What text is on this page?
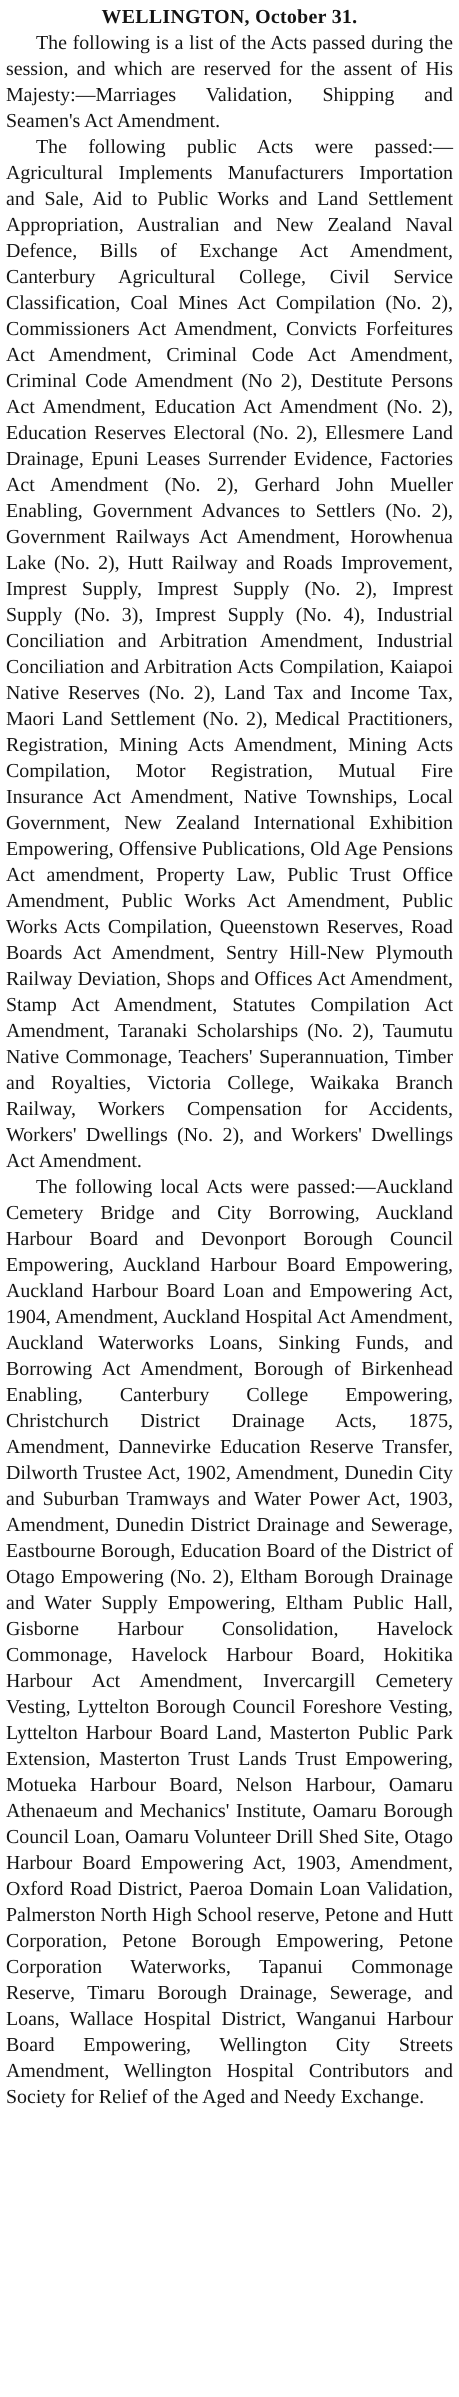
WELLINGTON, October 31.

The following is a list of the Acts passed during the session, and which are reserved for the assent of His Majesty:—Marriages Validation, Shipping and Seamen's Act Amendment.

The following public Acts were passed:—Agricultural Implements Manufacturers Importation and Sale, Aid to Public Works and Land Settlement Appropriation, Australian and New Zealand Naval Defence, Bills of Exchange Act Amendment, Canterbury Agricultural College, Civil Service Classification, Coal Mines Act Compilation (No. 2), Commissioners Act Amendment, Convicts Forfeitures Act Amendment, Criminal Code Act Amendment, Criminal Code Amendment (No 2), Destitute Persons Act Amendment, Education Act Amendment (No. 2), Education Reserves Electoral (No. 2), Ellesmere Land Drainage, Epuni Leases Surrender Evidence, Factories Act Amendment (No. 2), Gerhard John Mueller Enabling, Government Advances to Settlers (No. 2), Government Railways Act Amendment, Horowhenua Lake (No. 2), Hutt Railway and Roads Improvement, Imprest Supply, Imprest Supply (No. 2), Imprest Supply (No. 3), Imprest Supply (No. 4), Industrial Conciliation and Arbitration Amendment, Industrial Conciliation and Arbitration Acts Compilation, Kaiapoi Native Reserves (No. 2), Land Tax and Income Tax, Maori Land Settlement (No. 2), Medical Practitioners, Registration, Mining Acts Amendment, Mining Acts Compilation, Motor Registration, Mutual Fire Insurance Act Amendment, Native Townships, Local Government, New Zealand International Exhibition Empowering, Offensive Publications, Old Age Pensions Act amendment, Property Law, Public Trust Office Amendment, Public Works Act Amendment, Public Works Acts Compilation, Queenstown Reserves, Road Boards Act Amendment, Sentry Hill-New Plymouth Railway Deviation, Shops and Offices Act Amendment, Stamp Act Amendment, Statutes Compilation Act Amendment, Taranaki Scholarships (No. 2), Taumutu Native Commonage, Teachers' Superannuation, Timber and Royalties, Victoria College, Waikaka Branch Railway, Workers Compensation for Accidents, Workers' Dwellings (No. 2), and Workers' Dwellings Act Amendment.

The following local Acts were passed:—Auckland Cemetery Bridge and City Borrowing, Auckland Harbour Board and Devonport Borough Council Empowering, Auckland Harbour Board Empowering, Auckland Harbour Board Loan and Empowering Act, 1904, Amendment, Auckland Hospital Act Amendment, Auckland Waterworks Loans, Sinking Funds, and Borrowing Act Amendment, Borough of Birkenhead Enabling, Canterbury College Empowering, Christchurch District Drainage Acts, 1875, Amendment, Dannevirke Education Reserve Transfer, Dilworth Trustee Act, 1902, Amendment, Dunedin City and Suburban Tramways and Water Power Act, 1903, Amendment, Dunedin District Drainage and Sewerage, Eastbourne Borough, Education Board of the District of Otago Empowering (No. 2), Eltham Borough Drainage and Water Supply Empowering, Eltham Public Hall, Gisborne Harbour Consolidation, Havelock Commonage, Havelock Harbour Board, Hokitika Harbour Act Amendment, Invercargill Cemetery Vesting, Lyttelton Borough Council Foreshore Vesting, Lyttelton Harbour Board Land, Masterton Public Park Extension, Masterton Trust Lands Trust Empowering, Motueka Harbour Board, Nelson Harbour, Oamaru Athenaeum and Mechanics' Institute, Oamaru Borough Council Loan, Oamaru Volunteer Drill Shed Site, Otago Harbour Board Empowering Act, 1903, Amendment, Oxford Road District, Paeroa Domain Loan Validation, Palmerston North High School reserve, Petone and Hutt Corporation, Petone Borough Empowering, Petone Corporation Waterworks, Tapanui Commonage Reserve, Timaru Borough Drainage, Sewerage, and Loans, Wallace Hospital District, Wanganui Harbour Board Empowering, Wellington City Streets Amendment, Wellington Hospital Contributors and Society for Relief of the Aged and Needy Exchange.
